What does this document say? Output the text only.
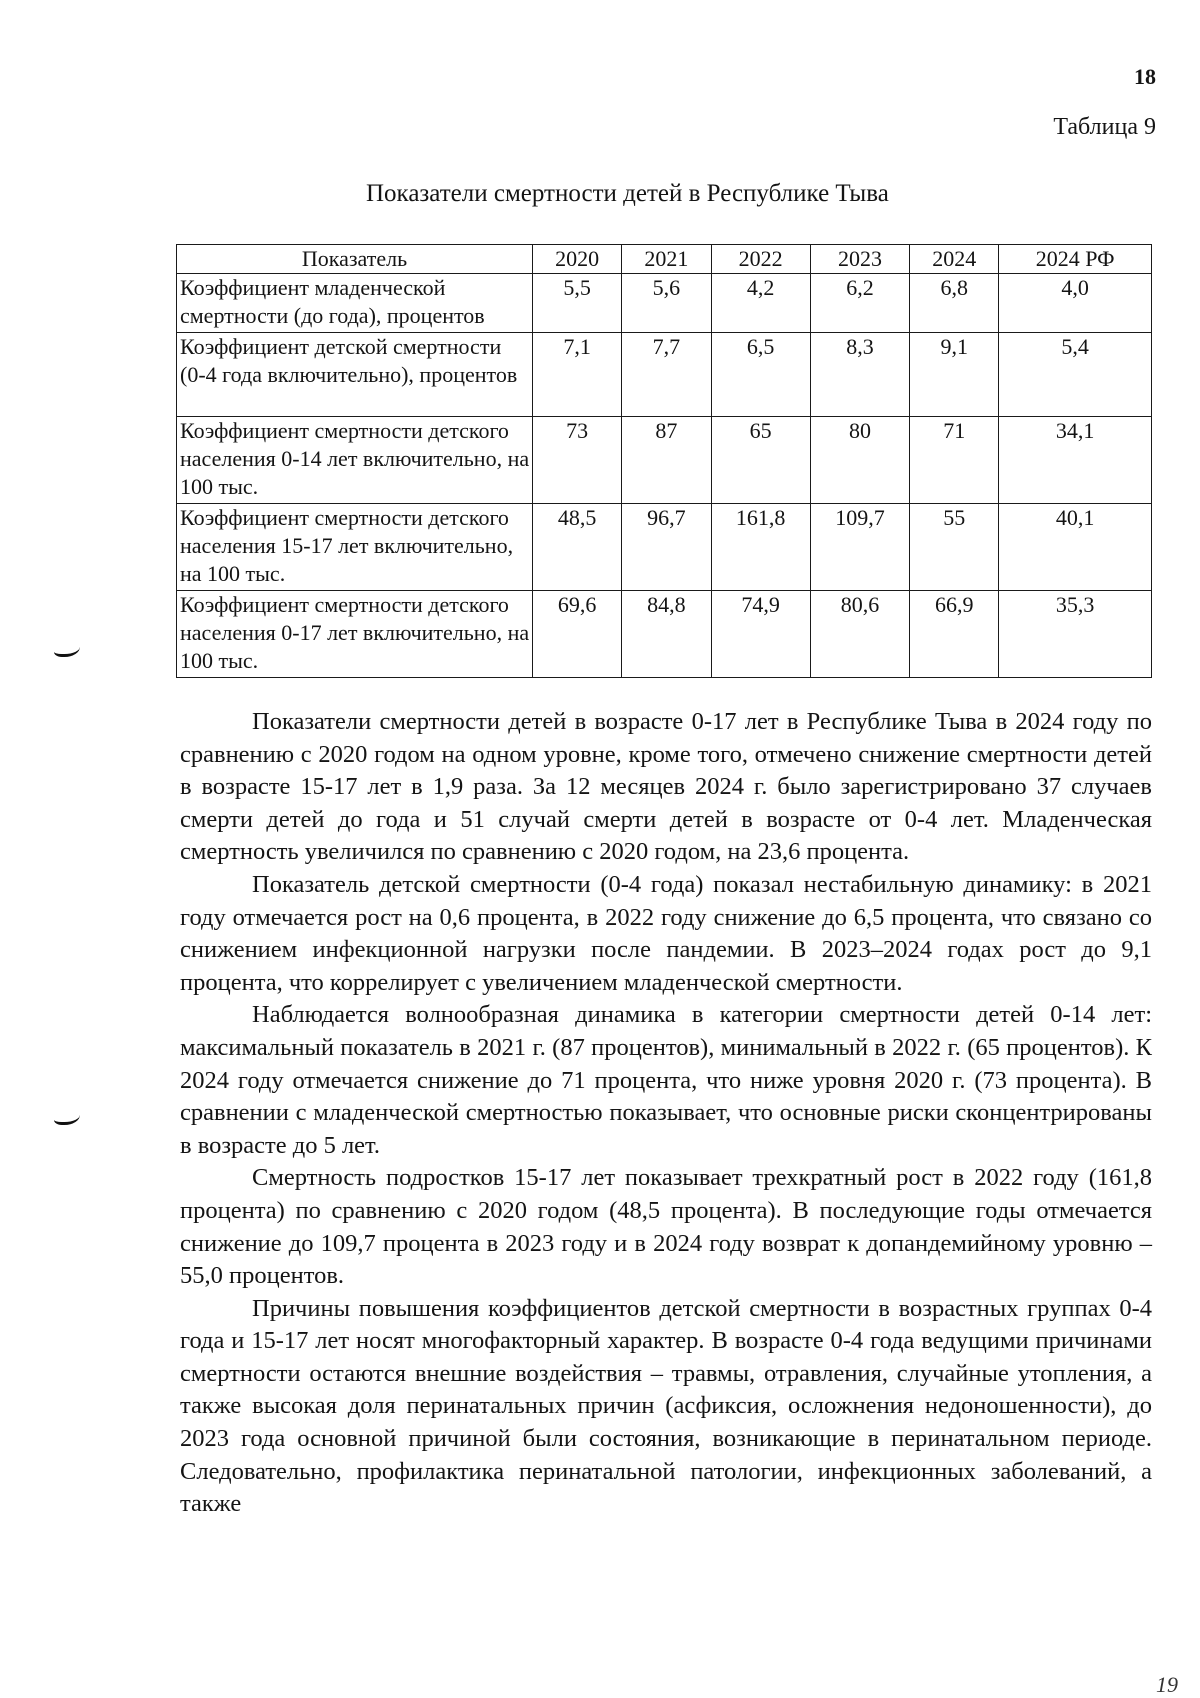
18
Таблица 9
Показатели смертности детей в Республике Тыва
Показатель	2020	2021	2022	2023	2024	2024 РФ
Коэффициент младенческой смертности (до года), процентов	5,5	5,6	4,2	6,2	6,8	4,0
Коэффициент детской смертности (0-4 года включительно), процентов	7,1	7,7	6,5	8,3	9,1	5,4
Коэффициент смертности детского населения 0-14 лет включительно, на 100 тыс.	73	87	65	80	71	34,1
Коэффициент смертности детского населения 15-17 лет включительно, на 100 тыс.	48,5	96,7	161,8	109,7	55	40,1
Коэффициент смертности детского населения 0-17 лет включительно, на 100 тыс.	69,6	84,8	74,9	80,6	66,9	35,3

Показатели смертности детей в возрасте 0-17 лет в Республике Тыва в 2024 году по сравнению с 2020 годом на одном уровне, кроме того, отмечено снижение смертности детей в возрасте 15-17 лет в 1,9 раза. За 12 месяцев 2024 г. было зарегистрировано 37 случаев смерти детей до года и 51 случай смерти детей в возрасте от 0-4 лет. Младенческая смертность увеличился по сравнению с 2020 годом, на 23,6 процента.

Показатель детской смертности (0-4 года) показал нестабильную динамику: в 2021 году отмечается рост на 0,6 процента, в 2022 году снижение до 6,5 процента, что связано со снижением инфекционной нагрузки после пандемии. В 2023–2024 годах рост до 9,1 процента, что коррелирует с увеличением младенческой смертности.

Наблюдается волнообразная динамика в категории смертности детей 0-14 лет: максимальный показатель в 2021 г. (87 процентов), минимальный в 2022 г. (65 процентов). К 2024 году отмечается снижение до 71 процента, что ниже уровня 2020 г. (73 процента). В сравнении с младенческой смертностью показывает, что основные риски сконцентрированы в возрасте до 5 лет.

Смертность подростков 15-17 лет показывает трехкратный рост в 2022 году (161,8 процента) по сравнению с 2020 годом (48,5 процента). В последующие годы отмечается снижение до 109,7 процента в 2023 году и в 2024 году возврат к допандемийному уровню – 55,0 процентов.

Причины повышения коэффициентов детской смертности в возрастных группах 0-4 года и 15-17 лет носят многофакторный характер. В возрасте 0-4 года ведущими причинами смертности остаются внешние воздействия – травмы, отравления, случайные утопления, а также высокая доля перинатальных причин (асфиксия, осложнения недоношенности), до 2023 года основной причиной были состояния, возникающие в перинатальном периоде. Следовательно, профилактика перинатальной патологии, инфекционных заболеваний, а также

19
